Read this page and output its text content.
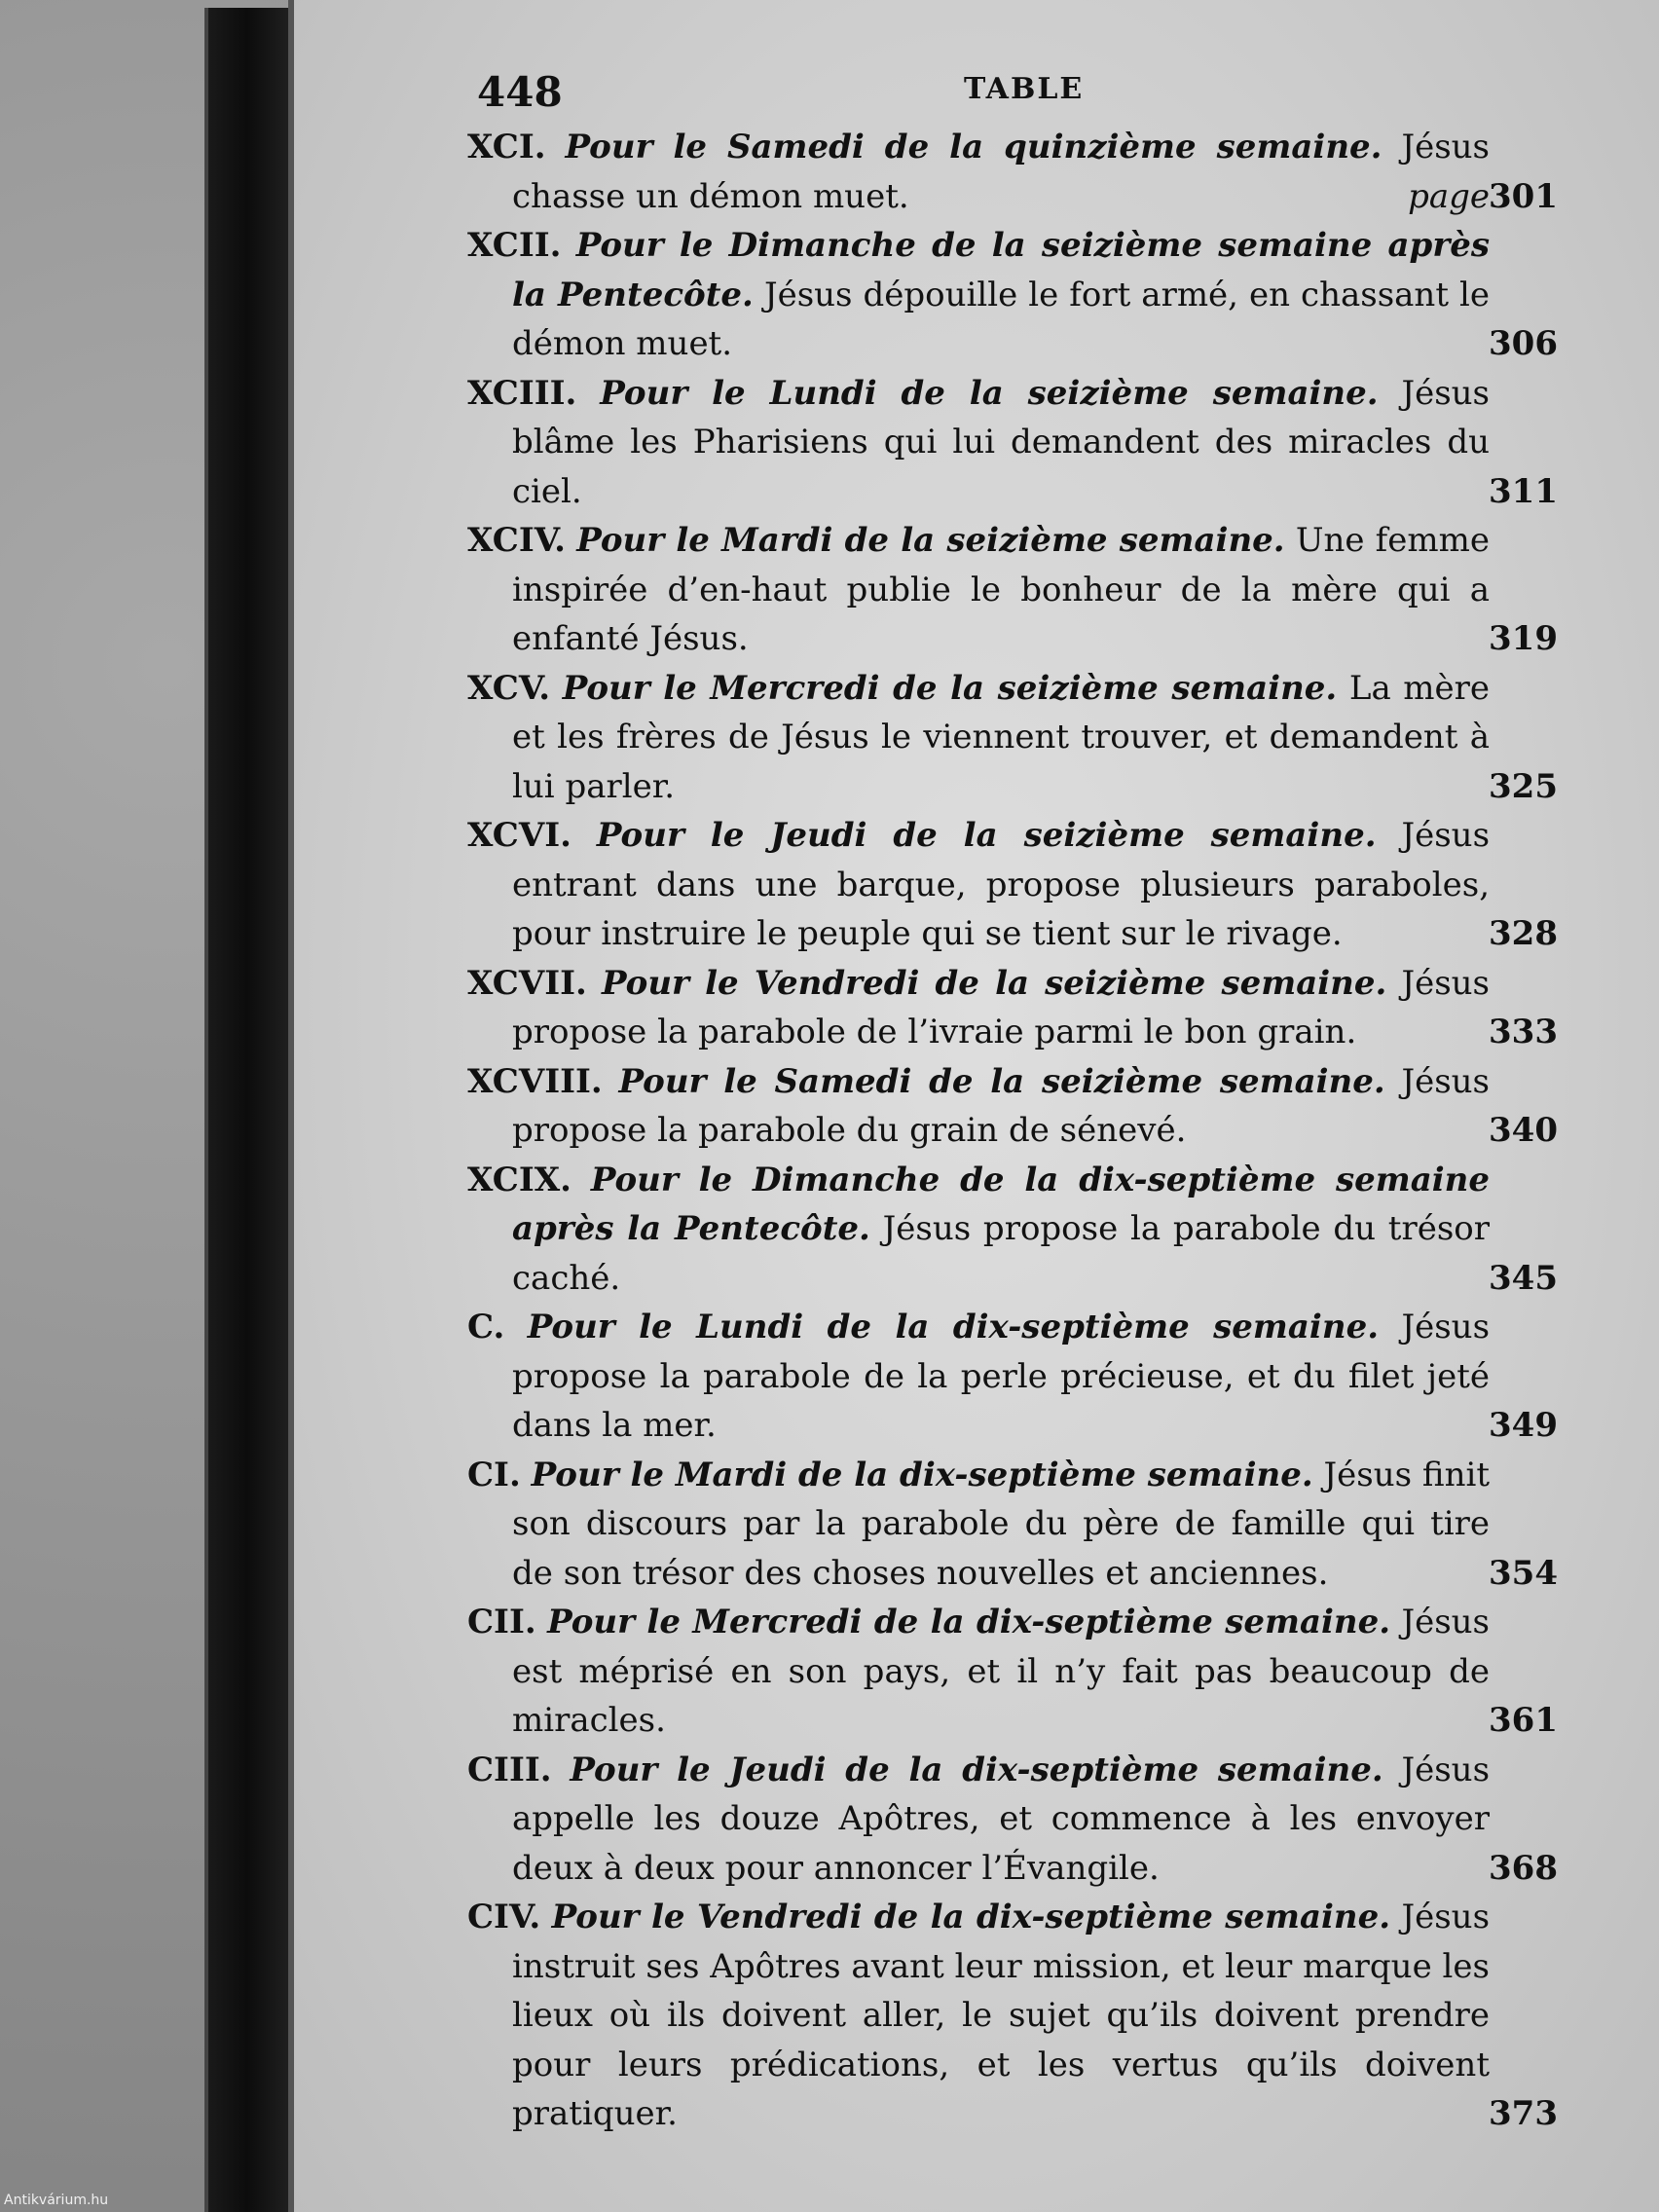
448	TABLE
XCI. Pour le Samedi de la quinzième semaine. Jésus chasse un démon muet.	page 301
XCII. Pour le Dimanche de la seizième semaine après la Pentecôte. Jésus dépouille le fort armé, en chassant le démon muet.	306
XCIII. Pour le Lundi de la seizième semaine. Jésus blâme les Pharisiens qui lui demandent des miracles du ciel.	311
XCIV. Pour le Mardi de la seizième semaine. Une femme inspirée d’en-haut publie le bonheur de la mère qui a enfanté Jésus.	319
XCV. Pour le Mercredi de la seizième semaine. La mère et les frères de Jésus le viennent trouver, et demandent à lui parler.	325
XCVI. Pour le Jeudi de la seizième semaine. Jésus entrant dans une barque, propose plusieurs paraboles, pour instruire le peuple qui se tient sur le rivage.	328
XCVII. Pour le Vendredi de la seizième semaine. Jésus propose la parabole de l’ivraie parmi le bon grain.	333
XCVIII. Pour le Samedi de la seizième semaine. Jésus propose la parabole du grain de sénevé.	340
XCIX. Pour le Dimanche de la dix-septième semaine après la Pentecôte. Jésus propose la parabole du trésor caché.	345
C. Pour le Lundi de la dix-septième semaine. Jésus propose la parabole de la perle précieuse, et du filet jeté dans la mer.	349
CI. Pour le Mardi de la dix-septième semaine. Jésus finit son discours par la parabole du père de famille qui tire de son trésor des choses nouvelles et anciennes.	354
CII. Pour le Mercredi de la dix-septième semaine. Jésus est méprisé en son pays, et il n’y fait pas beaucoup de miracles.	361
CIII. Pour le Jeudi de la dix-septième semaine. Jésus appelle les douze Apôtres, et commence à les envoyer deux à deux pour annoncer l’Évangile.	368
CIV. Pour le Vendredi de la dix-septième semaine. Jésus instruit ses Apôtres avant leur mission, et leur marque les lieux où ils doivent aller, le sujet qu’ils doivent prendre pour leurs prédications, et les vertus qu’ils doivent pratiquer.	373
Antikvárium.hu
